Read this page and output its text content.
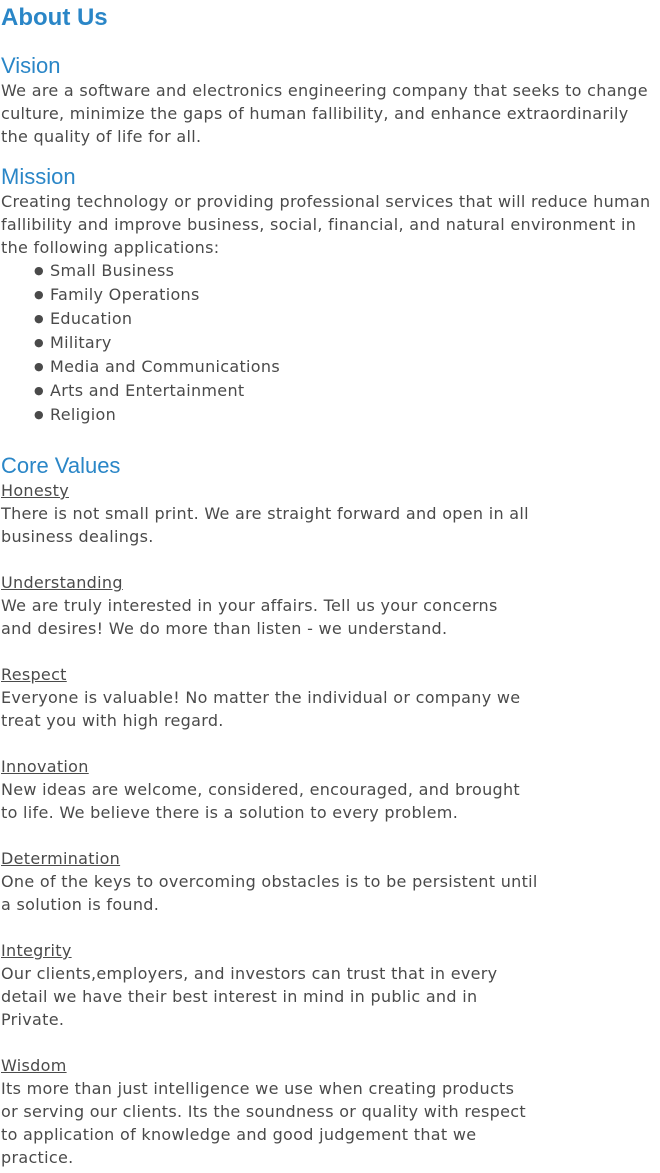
About Us
Vision

We are a software and electronics engineering company that seeks to change culture, minimize the gaps of human fallibility, and enhance extraordinarily the quality of life for all.

Mission

Creating technology or providing professional services that will reduce human fallibility and improve business, social, financial, and natural environment in the following applications:

● Small Business
● Family Operations
● Education
● Military
● Media and Communications
● Arts and Entertainment
● Religion
Core Values
Honesty

There is not small print. We are straight forward and open in all

business dealings.

Understanding

We are truly interested in your affairs. Tell us your concerns

and desires! We do more than listen - we understand.

Respect

Everyone is valuable! No matter the individual or company we

treat you with high regard.

Innovation

New ideas are welcome, considered, encouraged, and brought

to life. We believe there is a solution to every problem.

Determination

One of the keys to overcoming obstacles is to be persistent until

a solution is found.

Integrity

Our clients,employers, and investors can trust that in every

detail we have their best interest in mind in public and in

Private.

Wisdom

Its more than just intelligence we use when creating products

or serving our clients. Its the soundness or quality with respect

to application of knowledge and good judgement that we

practice.
